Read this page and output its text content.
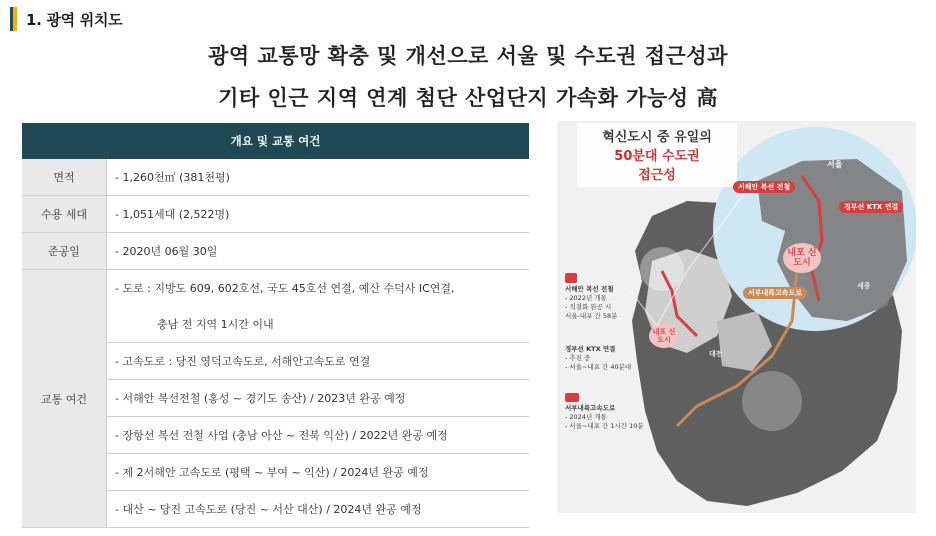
1. 광역 위치도
광역 교통망 확충 및 개선으로 서울 및 수도권 접근성과
기타 인근 지역 연계 첨단 산업단지 가속화 가능성 高
개요 및 교통 여건	
면적	- 1,260천㎡ (381천평)
수용 세대	- 1,051세대 (2,522명)
준공일	- 2020년 06월 30일
교통 여건	- 도로 : 지방도 609, 602호선, 국도 45호선 연결, 예산 수덕사 IC연결,
	충남 전 지역 1시간 이내
	- 고속도로 : 당진 영덕고속도로, 서해안고속도로 연결
	- 서해안 복선전철 (홍성 ~ 경기도 송산) / 2023년 완공 예정
	- 장항선 복선 전철 사업 (충남 아산 ~ 전북 익산) / 2022년 완공 예정
	- 제 2서해안 고속도로 (평택 ~ 부여 ~ 익산) / 2024년 완공 예정
	- 대산 ~ 당진 고속도로 (당진 ~ 서산 대산) / 2024년 완공 예정
혁신도시 중 유일의
50분대 수도권
접근성
서울
서해안 복선 전철
경부선 KTX 연결
내포 신도시
서부내륙고속도로
내포 신도시
대전
세종
서해안 복선 전철
- 2022년 개통
- 직결화 완공 시
서울-내포 간 58분
경부선 KTX 연결
- 추진 중
- 서울~내포 간 40분대
서부내륙고속도로
- 2024년 개통
- 서울~내포 간 1시간 10분
